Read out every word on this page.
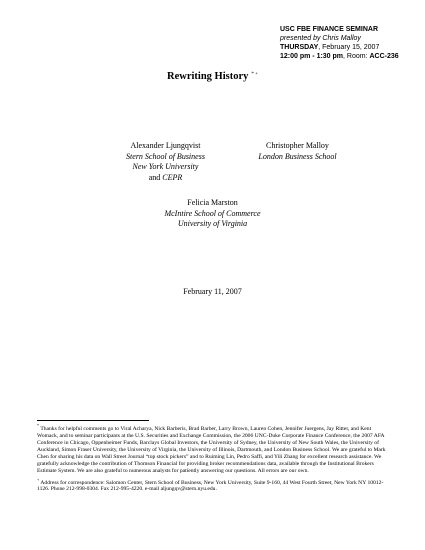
USC FBE FINANCE SEMINAR
presented by Chris Malloy
THURSDAY, February 15, 2007
12:00 pm - 1:30 pm, Room: ACC-236
Rewriting History * +
Alexander Ljungqvist
Stern School of Business
New York University
and CEPR
Christopher Malloy
London Business School
Felicia Marston
McIntire School of Commerce
University of Virginia
February 11, 2007

* Thanks for helpful comments go to Viral Acharya, Nick Barberis, Brad Barber, Larry Brown, Lauren Cohen, Jennifer Juergens, Jay Ritter, and Kent Womack, and to seminar participants at the U.S. Securities and Exchange Commission, the 2006 UNC-Duke Corporate Finance Conference, the 2007 AFA Conference in Chicago, Oppenheimer Funds, Barclays Global Investors, the University of Sydney, the University of New South Wales, the University of Auckland, Simon Fraser University, the University of Virginia, the University of Illinois, Dartmouth, and London Business School. We are grateful to Mark Chen for sharing his data on Wall Street Journal “top stock pickers” and to Ruiming Lin, Pedro Saffi, and Yili Zhang for excellent research assistance. We gratefully acknowledge the contribution of Thomson Financial for providing broker recommendations data, available through the Institutional Brokers Estimate System. We are also grateful to numerous analysts for patiently answering our questions. All errors are our own.

+ Address for correspondence: Salomon Center, Stern School of Business, New York University, Suite 9-160, 44 West Fourth Street, New York NY 10012-1126. Phone 212-998-0304. Fax 212-995-4220. e-mail aljungqv@stern.nyu.edu.
